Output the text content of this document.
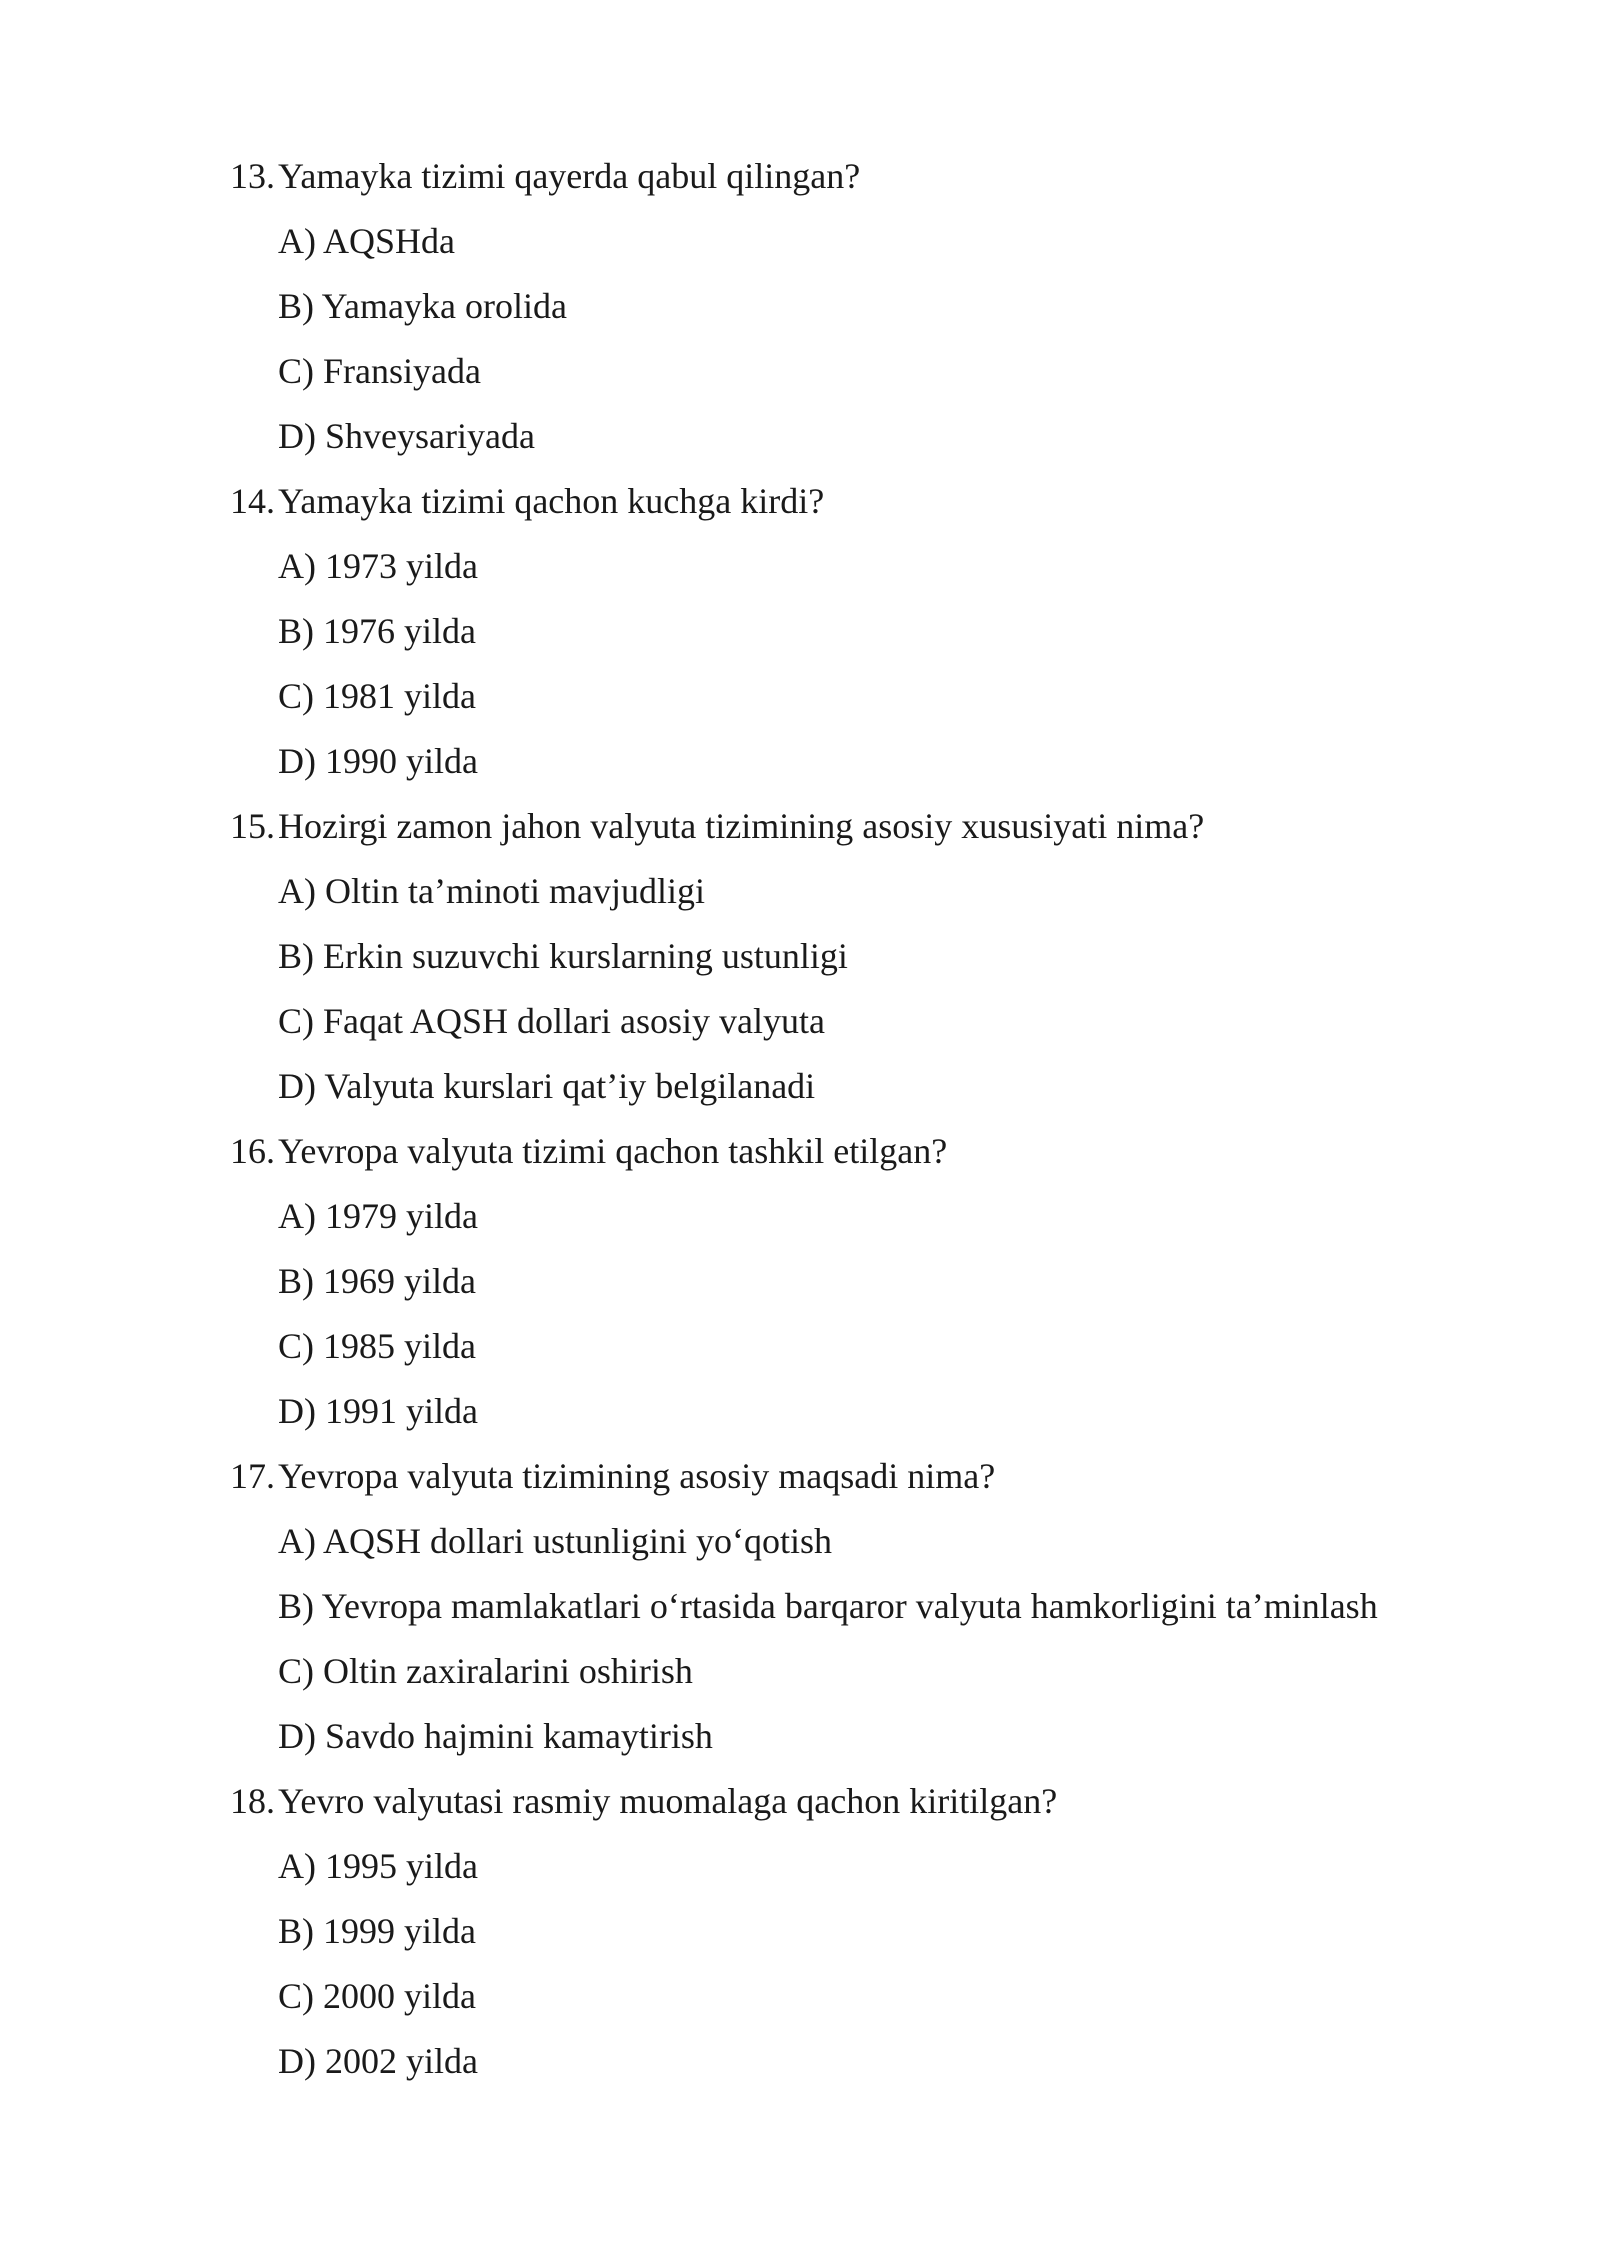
13. Yamayka tizimi qayerda qabul qilingan?
A) AQSHda
B) Yamayka orolida
C) Fransiyada
D) Shveysariyada
14. Yamayka tizimi qachon kuchga kirdi?
A) 1973 yilda
B) 1976 yilda
C) 1981 yilda
D) 1990 yilda
15. Hozirgi zamon jahon valyuta tizimining asosiy xususiyati nima?
A) Oltin ta’minoti mavjudligi
B) Erkin suzuvchi kurslarning ustunligi
C) Faqat AQSH dollari asosiy valyuta
D) Valyuta kurslari qat’iy belgilanadi
16. Yevropa valyuta tizimi qachon tashkil etilgan?
A) 1979 yilda
B) 1969 yilda
C) 1985 yilda
D) 1991 yilda
17. Yevropa valyuta tizimining asosiy maqsadi nima?
A) AQSH dollari ustunligini yo‘qotish
B) Yevropa mamlakatlari o‘rtasida barqaror valyuta hamkorligini ta’minlash
C) Oltin zaxiralarini oshirish
D) Savdo hajmini kamaytirish
18. Yevro valyutasi rasmiy muomalaga qachon kiritilgan?
A) 1995 yilda
B) 1999 yilda
C) 2000 yilda
D) 2002 yilda
